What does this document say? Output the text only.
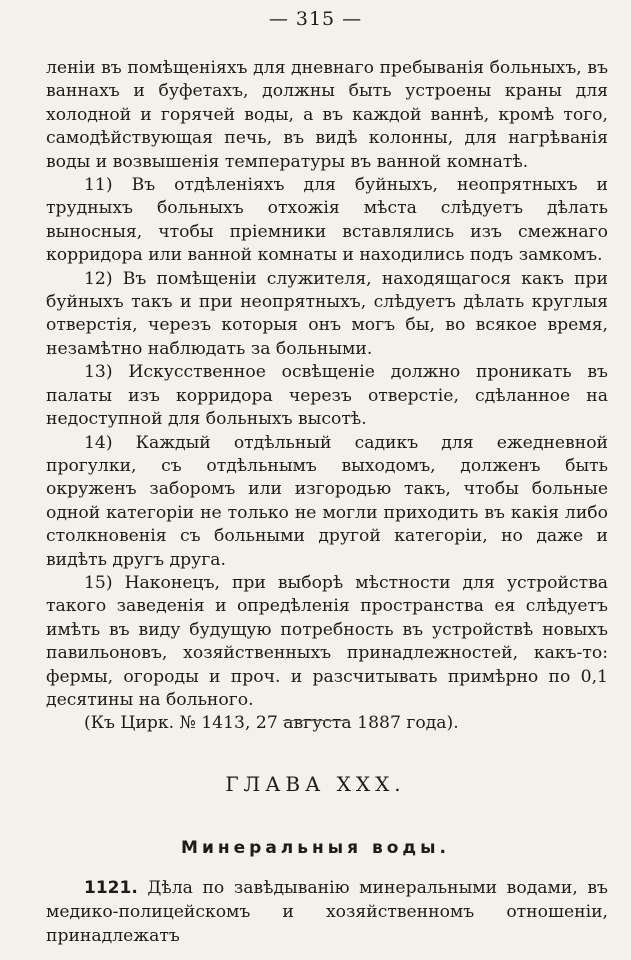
— 315 —

ленiи въ помѣщенiяхъ для дневнаго пребыванiя больныхъ, въ ваннахъ и буфетахъ, должны быть устроены краны для холодной и горячей воды, а въ каждой ваннѣ, кромѣ того, самодѣйствующая печь, въ видѣ колонны, для нагрѣванiя воды и возвышенiя температуры въ ванной комнатѣ.

11) Въ отдѣленiяхъ для буйныхъ, неопрятныхъ и трудныхъ больныхъ отхожiя мѣста слѣдуетъ дѣлать выносныя, чтобы прiемники вставлялись изъ смежнаго корридора или ванной комнаты и находились подъ замкомъ.

12) Въ помѣщенiи служителя, находящагося какъ при буйныхъ такъ и при неопрятныхъ, слѣдуетъ дѣлать круглыя отверстiя, черезъ которыя онъ могъ бы, во всякое время, незамѣтно наблюдать за больными.

13) Искусственное освѣщенiе должно проникать въ палаты изъ корридора черезъ отверстiе, сдѣланное на недоступной для больныхъ высотѣ.

14) Каждый отдѣльный садикъ для ежедневной прогулки, съ отдѣльнымъ выходомъ, долженъ быть окруженъ заборомъ или изгородью такъ, чтобы больные одной категорiи не только не могли приходить въ какiя либо столкновенiя съ больными другой категорiи, но даже и видѣть другъ друга.

15) Наконецъ, при выборѣ мѣстности для устройства такого заведенiя и опредѣленiя пространства ея слѣдуетъ имѣть въ виду будущую потребность въ устройствѣ новыхъ павильоновъ, хозяйственныхъ принадлежностей, какъ-то: фермы, огороды и проч. и разсчитывать примѣрно по 0,1 десятины на больного.
(Къ Цирк. № 1413, 27 августа 1887 года).

ГЛАВА XXX.
Минеральныя воды.

1121. Дѣла по завѣдыванiю минеральными водами, въ медико-полицейскомъ и хозяйственномъ отношенiи, принадлежатъ
